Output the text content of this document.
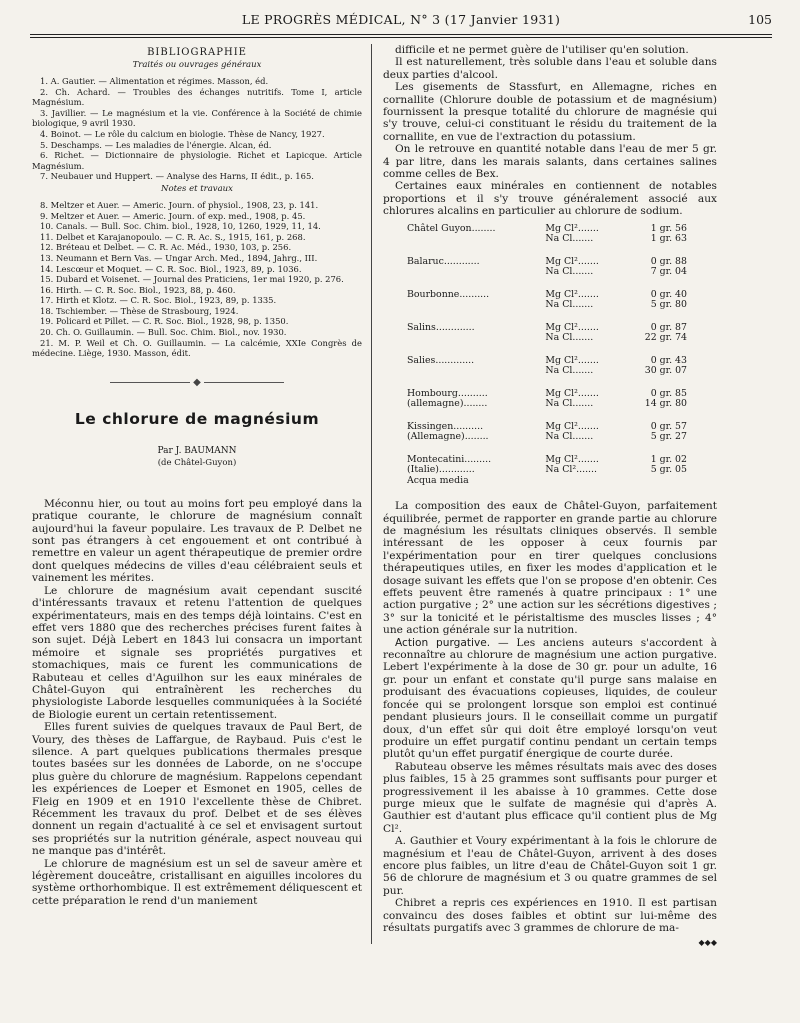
LE PROGRÈS MÉDICAL, N° 3 (17 Janvier 1931)	105
BIBLIOGRAPHIE
Traités ou ouvrages généraux

1. A. Gautier. — Alimentation et régimes. Masson, éd.

2. Ch. Achard. — Troubles des échanges nutritifs. Tome I, article Magnésium.

3. Javillier. — Le magnésium et la vie. Conférence à la Société de chimie biologique, 9 avril 1930.

4. Boinot. — Le rôle du calcium en biologie. Thèse de Nancy, 1927.

5. Deschamps. — Les maladies de l'énergie. Alcan, éd.

6. Richet. — Dictionnaire de physiologie. Richet et Lapicque. Article Magnésium.

7. Neubauer und Huppert. — Analyse des Harns, II édit., p. 165.

Notes et travaux

8. Meltzer et Auer. — Americ. Journ. of physiol., 1908, 23, p. 141.

9. Meltzer et Auer. — Americ. Journ. of exp. med., 1908, p. 45.

10. Canals. — Bull. Soc. Chim. biol., 1928, 10, 1260, 1929, 11, 14.

11. Delbet et Karajanopoulo. — C. R. Ac. S., 1915, 161, p. 268.

12. Bréteau et Delbet. — C. R. Ac. Méd., 1930, 103, p. 256.

13. Neumann et Bern Vas. — Ungar Arch. Med., 1894, Jahrg., III.

14. Lescœur et Moquet. — C. R. Soc. Biol., 1923, 89, p. 1036.

15. Dubard et Voisenet. — Journal des Praticiens, 1er mai 1920, p. 276.

16. Hirth. — C. R. Soc. Biol., 1923, 88, p. 460.

17. Hirth et Klotz. — C. R. Soc. Biol., 1923, 89, p. 1335.

18. Tschiember. — Thèse de Strasbourg, 1924.

19. Policard et Pillet. — C. R. Soc. Biol., 1928, 98, p. 1350.

20. Ch. O. Guillaumin. — Bull. Soc. Chim. Biol., nov. 1930.

21. M. P. Weil et Ch. O. Guillaumin. — La calcémie, XXIe Congrès de médecine. Liège, 1930. Masson, édit.

◆
Le chlorure de magnésium
Par J. BAUMANN
(de Châtel-Guyon)

Méconnu hier, ou tout au moins fort peu employé dans la pratique courante, le chlorure de magnésium connaît aujourd'hui la faveur populaire. Les travaux de P. Delbet ne sont pas étrangers à cet engouement et ont contribué à remettre en valeur un agent thérapeutique de premier ordre dont quelques médecins de villes d'eau célébraient seuls et vainement les mérites.

Le chlorure de magnésium avait cependant suscité d'intéressants travaux et retenu l'attention de quelques expérimentateurs, mais en des temps déjà lointains. C'est en effet vers 1880 que des recherches précises furent faites à son sujet. Déjà Lebert en 1843 lui consacra un important mémoire et signale ses propriétés purgatives et stomachiques, mais ce furent les communications de Rabuteau et celles d'Aguilhon sur les eaux minérales de Châtel-Guyon qui entraînèrent les recherches du physiologiste Laborde lesquelles communiquées à la Société de Biologie eurent un certain retentissement.

Elles furent suivies de quelques travaux de Paul Bert, de Voury, des thèses de Laffargue, de Raybaud. Puis c'est le silence. A part quelques publications thermales presque toutes basées sur les données de Laborde, on ne s'occupe plus guère du chlorure de magnésium. Rappelons cependant les expériences de Loeper et Esmonet en 1905, celles de Fleig en 1909 et en 1910 l'excellente thèse de Chibret. Récemment les travaux du prof. Delbet et de ses élèves donnent un regain d'actualité à ce sel et envisagent surtout ses propriétés sur la nutrition générale, aspect nouveau qui ne manque pas d'intérêt.

Le chlorure de magnésium est un sel de saveur amère et légèrement douceâtre, cristallisant en aiguilles incolores du système orthorhombique. Il est extrêmement déliquescent et cette préparation le rend d'un maniement

difficile et ne permet guère de l'utiliser qu'en solution.

Il est naturellement, très soluble dans l'eau et soluble dans deux parties d'alcool.

Les gisements de Stassfurt, en Allemagne, riches en cornallite (Chlorure double de potassium et de magnésium) fournissent la presque totalité du chlorure de magnésie qui s'y trouve, celui-ci constituant le résidu du traitement de la cornallite, en vue de l'extraction du potassium.

On le retrouve en quantité notable dans l'eau de mer 5 gr. 4 par litre, dans les marais salants, dans certaines salines comme celles de Bex.

Certaines eaux minérales en contiennent de notables proportions et il s'y trouve généralement associé aux chlorures alcalins en particulier au chlorure de sodium.

Châtel Guyon........	Mg Cl².......	1 gr. 56
	Na Cl.......	1 gr. 63

Balaruc............	Mg Cl².......	0 gr. 88
	Na Cl.......	7 gr. 04

Bourbonne..........	Mg Cl².......	0 gr. 40
	Na Cl.......	5 gr. 80

Salins.............	Mg Cl².......	0 gr. 87
	Na Cl.......	22 gr. 74

Salies.............	Mg Cl².......	0 gr. 43
	Na Cl.......	30 gr. 07

Hombourg..........	Mg Cl².......	0 gr. 85
(allemagne)........	Na Cl.......	14 gr. 80

Kissingen..........	Mg Cl².......	0 gr. 57
(Allemagne)........	Na Cl.......	5 gr. 27

Montecatini.........	Mg Cl².......	1 gr. 02
(Italie)............	Na Cl².......	5 gr. 05
Acqua media		

La composition des eaux de Châtel-Guyon, parfaitement équilibrée, permet de rapporter en grande partie au chlorure de magnésium les résultats cliniques observés. Il semble intéressant de les opposer à ceux fournis par l'expérimentation pour en tirer quelques conclusions thérapeutiques utiles, en fixer les modes d'application et le dosage suivant les effets que l'on se propose d'en obtenir. Ces effets peuvent être ramenés à quatre principaux : 1° une action purgative ; 2° une action sur les sécrétions digestives ; 3° sur la tonicité et le péristaltisme des muscles lisses ; 4° une action générale sur la nutrition.

Action purgative. — Les anciens auteurs s'accordent à reconnaître au chlorure de magnésium une action purgative. Lebert l'expérimente à la dose de 30 gr. pour un adulte, 16 gr. pour un enfant et constate qu'il purge sans malaise en produisant des évacuations copieuses, liquides, de couleur foncée qui se prolongent lorsque son emploi est continué pendant plusieurs jours. Il le conseillait comme un purgatif doux, d'un effet sûr qui doit être employé lorsqu'on veut produire un effet purgatif continu pendant un certain temps plutôt qu'un effet purgatif énergique de courte durée.

Rabuteau observe les mêmes résultats mais avec des doses plus faibles, 15 à 25 grammes sont suffisants pour purger et progressivement il les abaisse à 10 grammes. Cette dose purge mieux que le sulfate de magnésie qui d'après A. Gauthier est d'autant plus efficace qu'il contient plus de Mg Cl².

A. Gauthier et Voury expérimentant à la fois le chlorure de magnésium et l'eau de Châtel-Guyon, arrivent à des doses encore plus faibles, un litre d'eau de Châtel-Guyon soit 1 gr. 56 de chlorure de magnésium et 3 ou quatre grammes de sel pur.

Chibret a repris ces expériences en 1910. Il est partisan convaincu des doses faibles et obtint sur lui-même des résultats purgatifs avec 3 grammes de chlorure de ma-

◆◆◆
